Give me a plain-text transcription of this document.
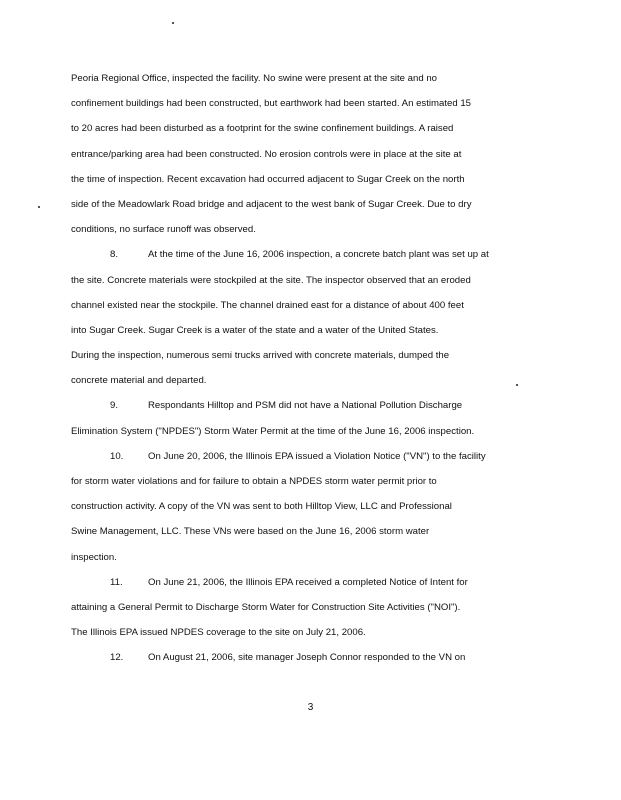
Peoria Regional Office, inspected the facility. No swine were present at the site and no
confinement buildings had been constructed, but earthwork had been started. An estimated 15
to 20 acres had been disturbed as a footprint for the swine confinement buildings. A raised
entrance/parking area had been constructed. No erosion controls were in place at the site at
the time of inspection. Recent excavation had occurred adjacent to Sugar Creek on the north
side of the Meadowlark Road bridge and adjacent to the west bank of Sugar Creek. Due to dry
conditions, no surface runoff was observed.
8.	At the time of the June 16, 2006 inspection, a concrete batch plant was set up at
the site. Concrete materials were stockpiled at the site. The inspector observed that an eroded
channel existed near the stockpile. The channel drained east for a distance of about 400 feet
into Sugar Creek. Sugar Creek is a water of the state and a water of the United States.
During the inspection, numerous semi trucks arrived with concrete materials, dumped the
concrete material and departed.
9.	Respondants Hilltop and PSM did not have a National Pollution Discharge
Elimination System ("NPDES") Storm Water Permit at the time of the June 16, 2006 inspection.
10.	On June 20, 2006, the Illinois EPA issued a Violation Notice ("VN") to the facility
for storm water violations and for failure to obtain a NPDES storm water permit prior to
construction activity. A copy of the VN was sent to both Hilltop View, LLC and Professional
Swine Management, LLC. These VNs were based on the June 16, 2006 storm water
inspection.
11.	On June 21, 2006, the Illinois EPA received a completed Notice of Intent for
attaining a General Permit to Discharge Storm Water for Construction Site Activities ("NOI").
The Illinois EPA issued NPDES coverage to the site on July 21, 2006.
12.	On August 21, 2006, site manager Joseph Connor responded to the VN on
3
